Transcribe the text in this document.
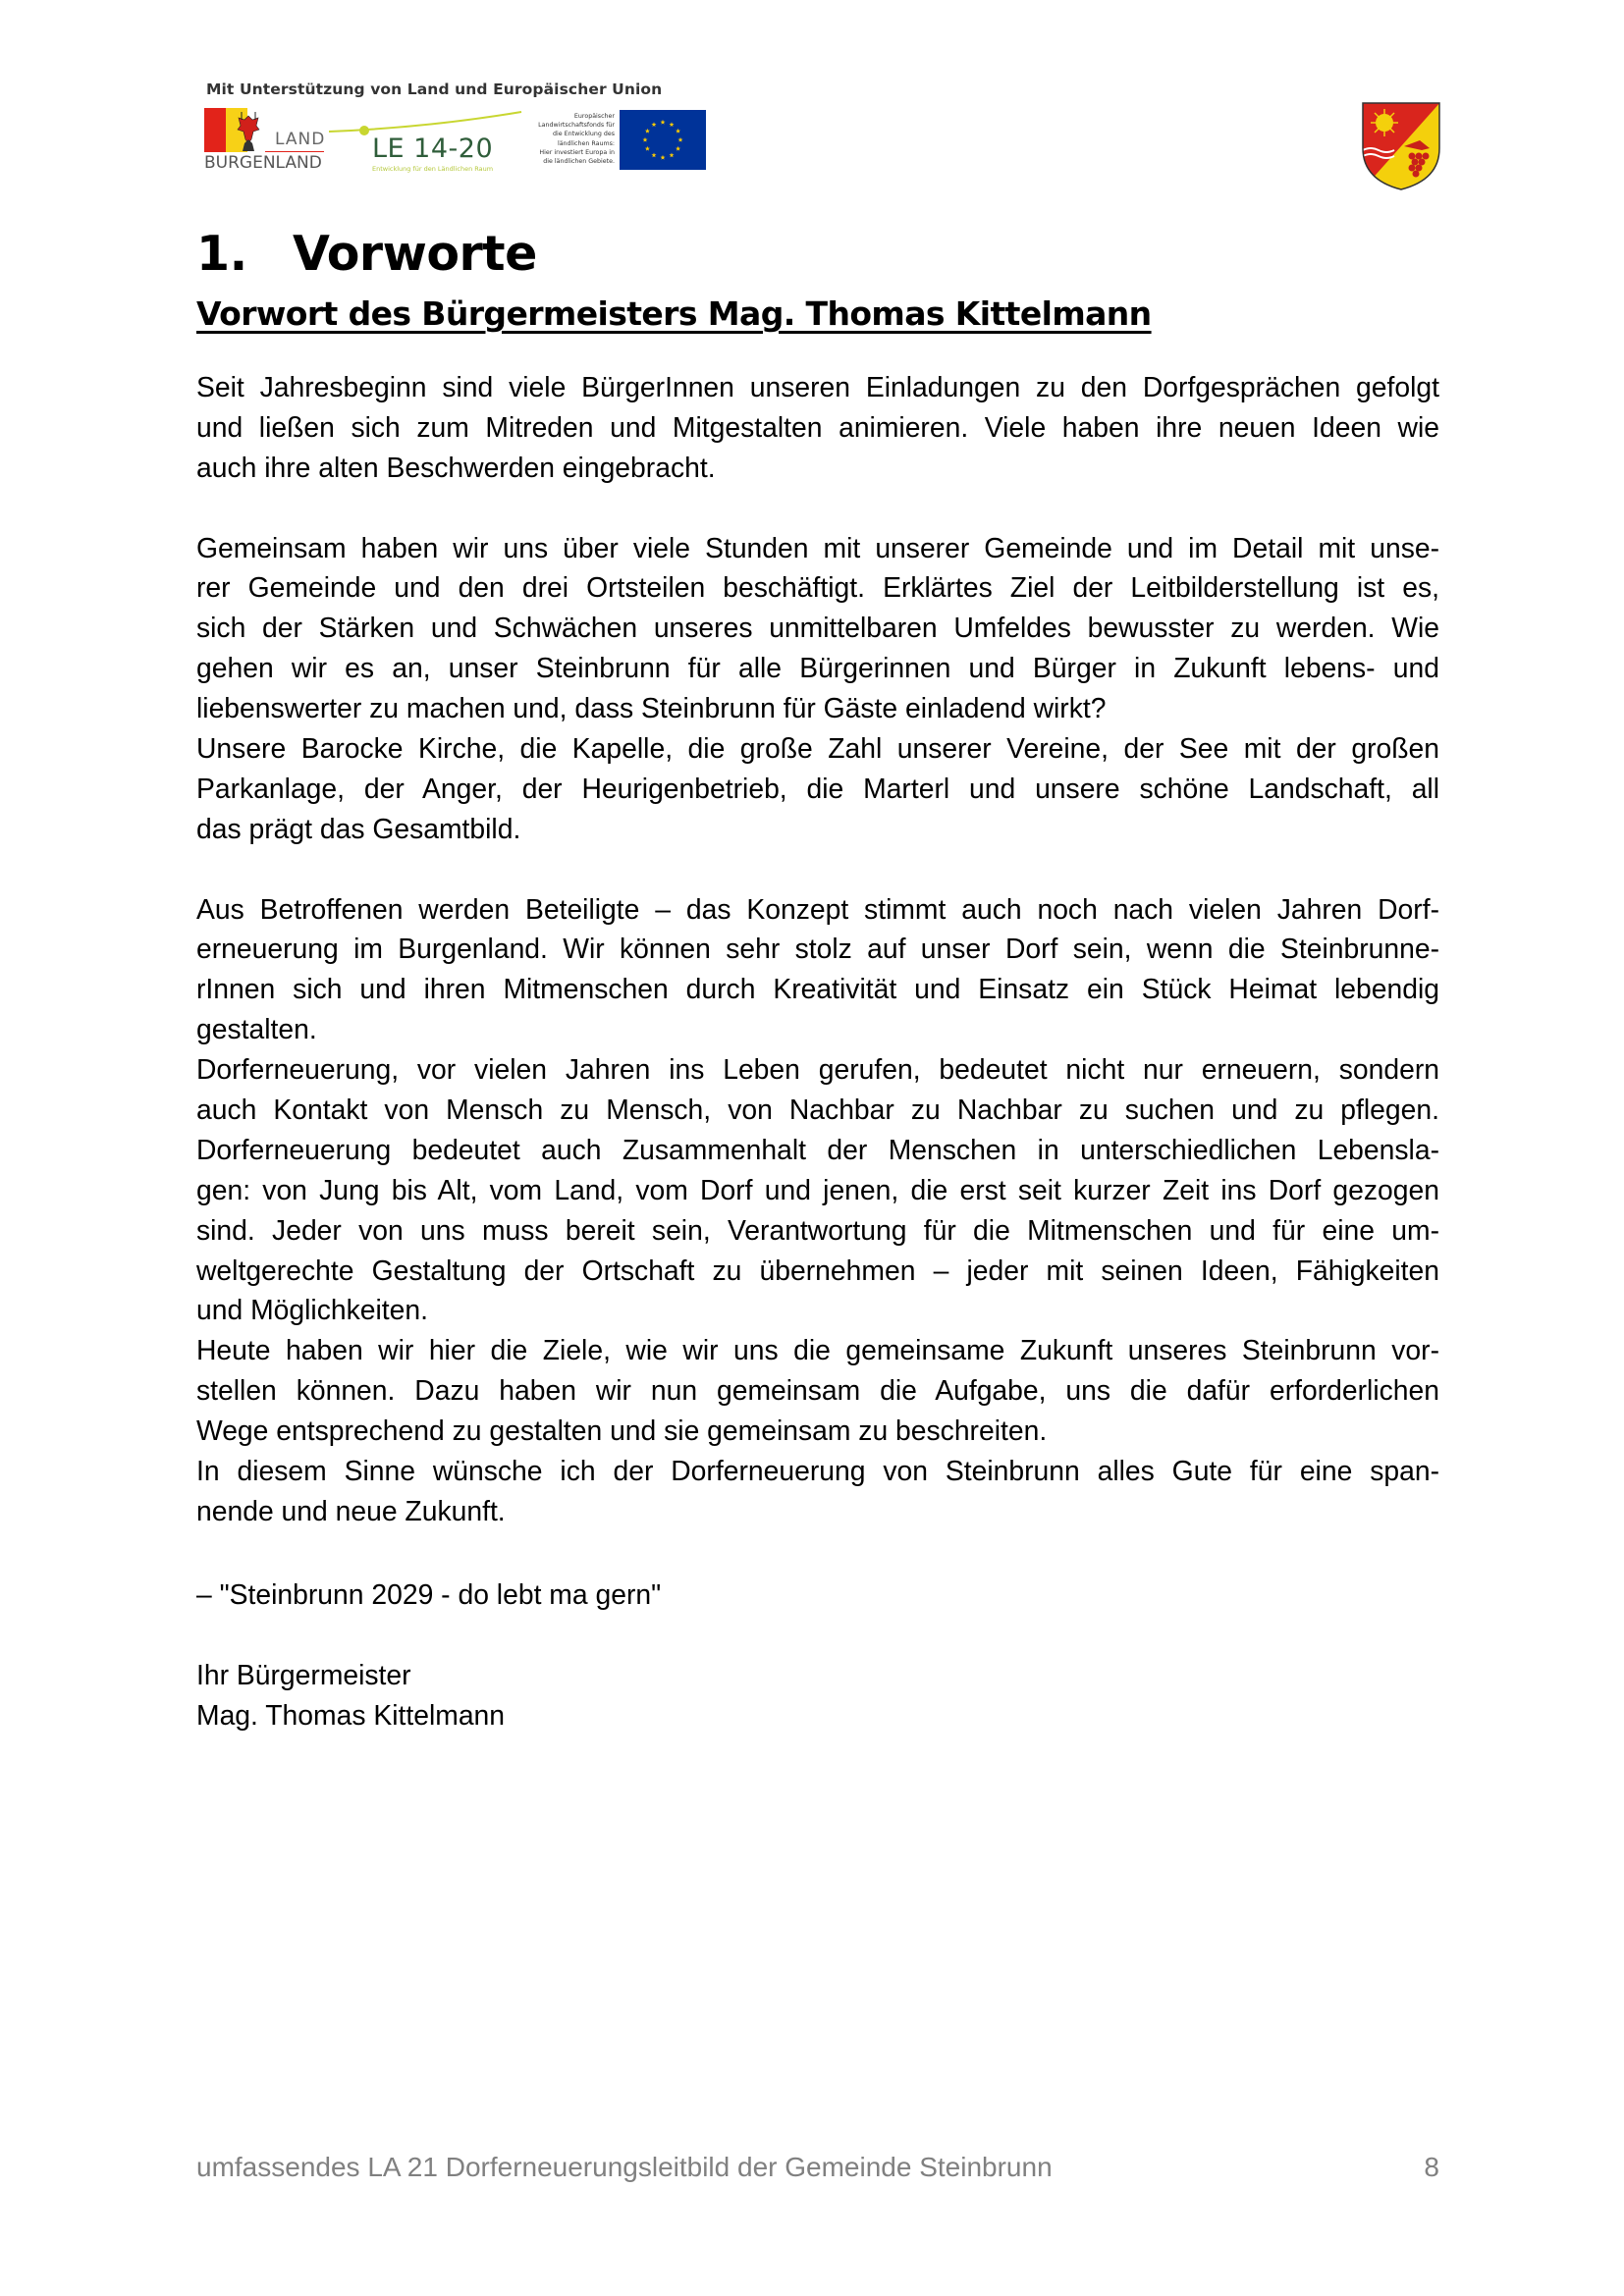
Mit Unterstützung von Land und Europäischer Union
LAND
BURGENLAND LE 14-20
Entwicklung für den Ländlichen Raum
Europäischer
Landwirtschaftsfonds für
die Entwicklung des
ländlichen Raums:
Hier investiert Europa in
die ländlichen Gebiete.
1. Vorworte
Vorwort des Bürgermeisters Mag. Thomas Kittelmann
Seit Jahresbeginn sind viele BürgerInnen unseren Einladungen zu den Dorfgesprächen gefolgt
und ließen sich zum Mitreden und Mitgestalten animieren. Viele haben ihre neuen Ideen wie
auch ihre alten Beschwerden eingebracht.
Gemeinsam haben wir uns über viele Stunden mit unserer Gemeinde und im Detail mit unse-
rer Gemeinde und den drei Ortsteilen beschäftigt. Erklärtes Ziel der Leitbilderstellung ist es,
sich der Stärken und Schwächen unseres unmittelbaren Umfeldes bewusster zu werden. Wie
gehen wir es an, unser Steinbrunn für alle Bürgerinnen und Bürger in Zukunft lebens- und
liebenswerter zu machen und, dass Steinbrunn für Gäste einladend wirkt?
Unsere Barocke Kirche, die Kapelle, die große Zahl unserer Vereine, der See mit der großen
Parkanlage, der Anger, der Heurigenbetrieb, die Marterl und unsere schöne Landschaft, all
das prägt das Gesamtbild.
Aus Betroffenen werden Beteiligte – das Konzept stimmt auch noch nach vielen Jahren Dorf-
erneuerung im Burgenland. Wir können sehr stolz auf unser Dorf sein, wenn die Steinbrunne-
rInnen sich und ihren Mitmenschen durch Kreativität und Einsatz ein Stück Heimat lebendig
gestalten.
Dorferneuerung, vor vielen Jahren ins Leben gerufen, bedeutet nicht nur erneuern, sondern
auch Kontakt von Mensch zu Mensch, von Nachbar zu Nachbar zu suchen und zu pflegen.
Dorferneuerung bedeutet auch Zusammenhalt der Menschen in unterschiedlichen Lebensla-
gen: von Jung bis Alt, vom Land, vom Dorf und jenen, die erst seit kurzer Zeit ins Dorf gezogen
sind. Jeder von uns muss bereit sein, Verantwortung für die Mitmenschen und für eine um-
weltgerechte Gestaltung der Ortschaft zu übernehmen – jeder mit seinen Ideen, Fähigkeiten
und Möglichkeiten.
Heute haben wir hier die Ziele, wie wir uns die gemeinsame Zukunft unseres Steinbrunn vor-
stellen können. Dazu haben wir nun gemeinsam die Aufgabe, uns die dafür erforderlichen
Wege entsprechend zu gestalten und sie gemeinsam zu beschreiten.
In diesem Sinne wünsche ich der Dorferneuerung von Steinbrunn alles Gute für eine span-
nende und neue Zukunft.
– "Steinbrunn 2029 - do lebt ma gern"
Ihr Bürgermeister
Mag. Thomas Kittelmann
umfassendes LA 21 Dorferneuerungsleitbild der Gemeinde Steinbrunn	8
